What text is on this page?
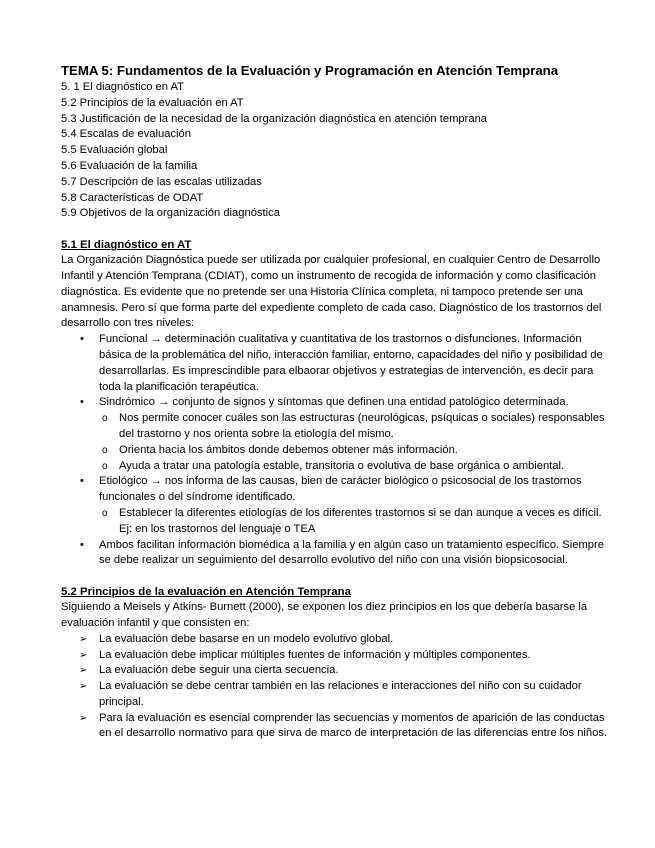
TEMA 5: Fundamentos de la Evaluación y Programación en Atención Temprana
5. 1 El diagnóstico en AT
5.2 Principios de la evaluación en AT
5.3 Justificación de la necesidad de la organización diagnóstica en atención temprana
5.4 Escalas de evaluación
5.5 Evaluación global
5.6 Evaluación de la familia
5.7 Descripción de las escalas utilizadas
5.8 Características de ODAT
5.9 Objetivos de la organización diagnóstica
5.1 El diagnóstico en AT

La Organización Diagnóstica puede ser utilizada por cualquier profesional, en cualquier Centro de Desarrollo Infantil y Atención Temprana (CDIAT), como un instrumento de recogida de información y como clasificación diagnóstica. Es evidente que no pretende ser una Historia Clínica completa, ni tampoco pretende ser una anamnesis. Pero sí que forma parte del expediente completo de cada caso. Diagnóstico de los trastornos del desarrollo con tres niveles:

• Funcional → determinación cualitativa y cuantitativa de los trastornos o disfunciones. Información básica de la problemática del niño, interacción familiar, entorno, capacidades del niño y posibilidad de desarrollarlas. Es imprescindible para elbaorar objetivos y estrategias de intervención, es decir para toda la planificación terapéutica.
• Sindrómico → conjunto de signos y síntomas que definen una entidad patológico determinada.
o Nos permite conocer cuáles son las estructuras (neurológicas, psíquicas o sociales) responsables del trastorno y nos orienta sobre la etiología del mismo.
o Orienta hacia los ámbitos donde debemos obtener más información.
o Ayuda a tratar una patología estable, transitoria o evolutiva de base orgánica o ambiental.
• Etiológico → nos informa de las causas, bien de carácter biológico o psicosocial de los trastornos funcionales o del síndrome identificado.
o Establecer la diferentes etiologías de los diferentes trastornos si se dan aunque a veces es difícil. Ej: en los trastornos del lenguaje o TEA
• Ambos facilitan información biomédica a la familia y en algún caso un tratamiento específico. Siempre se debe realizar un seguimiento del desarrollo evolutivo del niño con una visión biopsicosocial.
5.2 Principios de la evaluación en Atención Temprana

Siguiendo a Meisels y Atkins- Burnett (2000), se exponen los diez principios en los que debería basarse la evaluación infantil y que consisten en:

➢ La evaluación debe basarse en un modelo evolutivo global.
➢ La evaluación debe implicar múltiples fuentes de información y múltiples componentes.
➢ La evaluación debe seguir una cierta secuencia.
➢ La evaluación se debe centrar también en las relaciones e interacciones del niño con su cuidador principal.
➢ Para la evaluación es esencial comprender las secuencias y momentos de aparición de las conductas en el desarrollo normativo para que sirva de marco de interpretación de las diferencias entre los niños.
